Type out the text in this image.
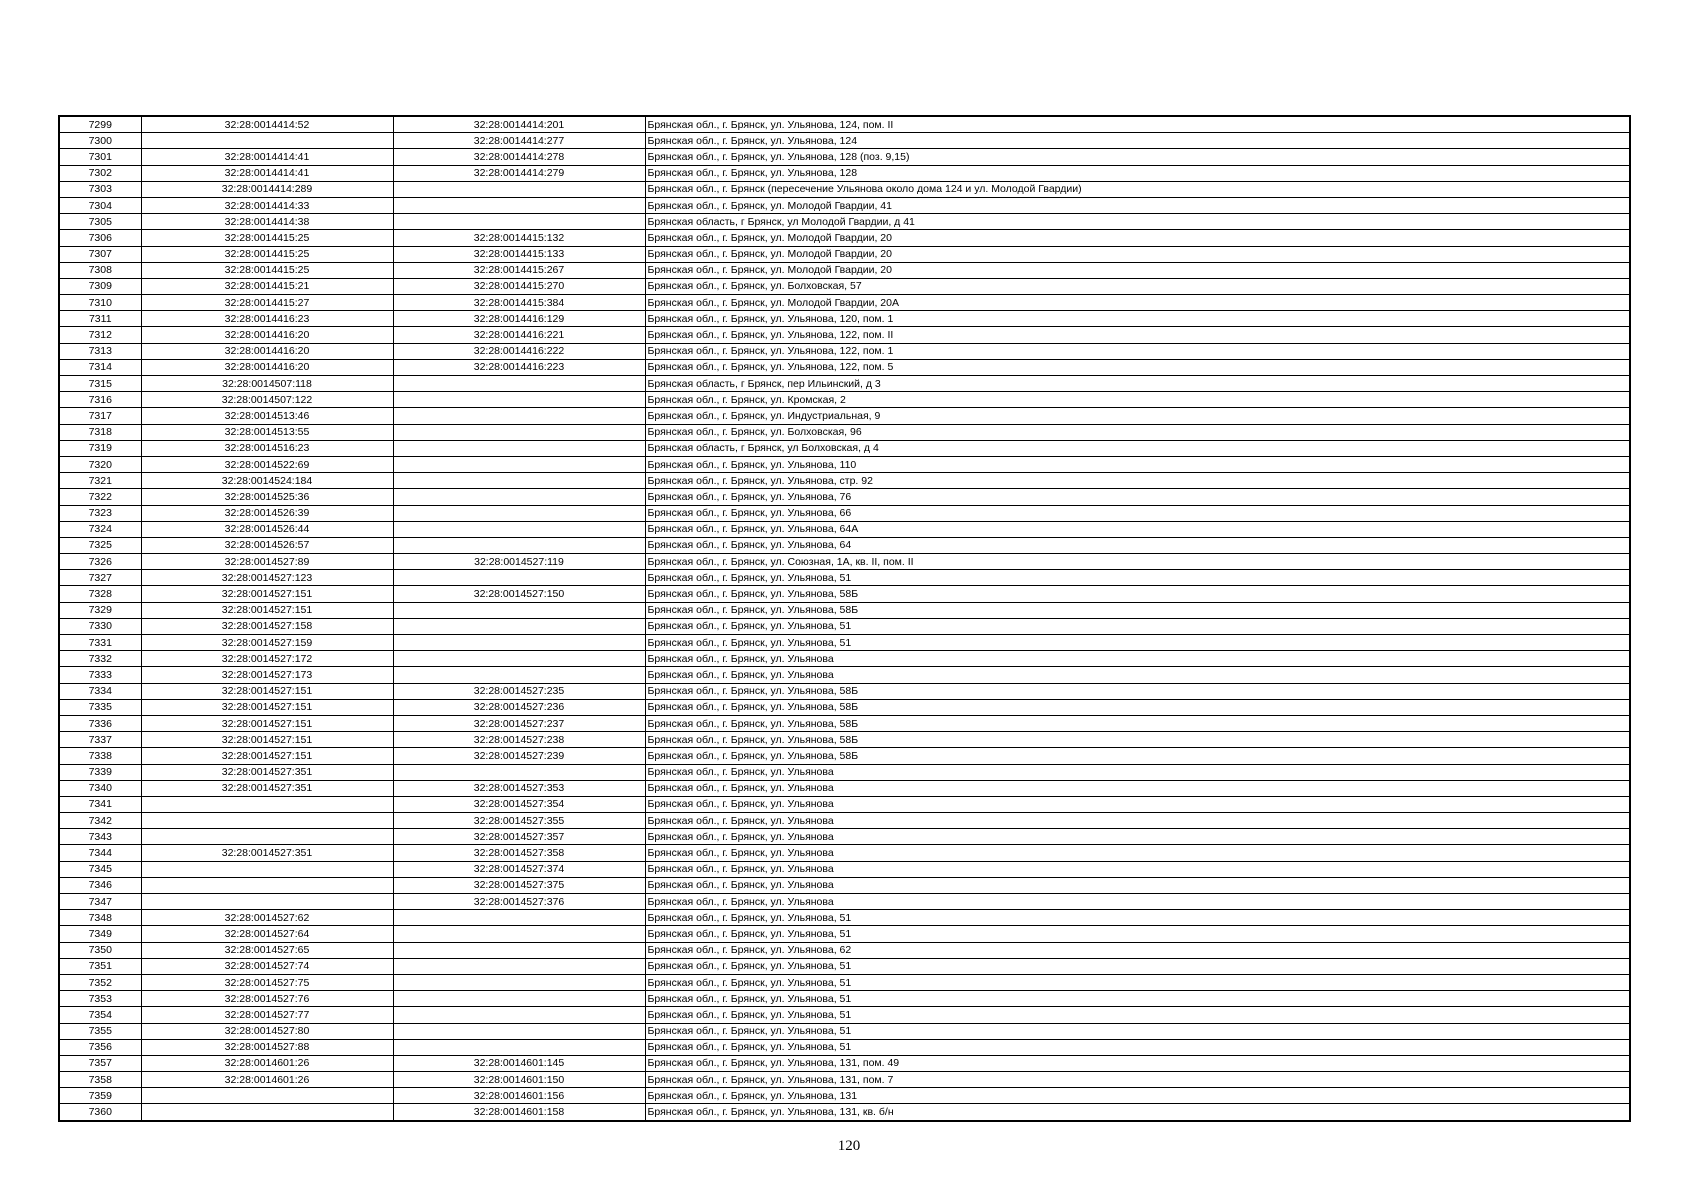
7299	32:28:0014414:52	32:28:0014414:201	Брянская обл., г. Брянск, ул. Ульянова, 124, пом. II
7300		32:28:0014414:277	Брянская обл., г. Брянск, ул. Ульянова, 124
7301	32:28:0014414:41	32:28:0014414:278	Брянская обл., г. Брянск, ул. Ульянова, 128 (поз. 9,15)
7302	32:28:0014414:41	32:28:0014414:279	Брянская обл., г. Брянск, ул. Ульянова, 128
7303	32:28:0014414:289		Брянская обл., г. Брянск (пересечение Ульянова около дома 124 и ул. Молодой Гвардии)
7304	32:28:0014414:33		Брянская обл., г. Брянск, ул. Молодой Гвардии, 41
7305	32:28:0014414:38		Брянская область, г Брянск, ул Молодой Гвардии, д 41
7306	32:28:0014415:25	32:28:0014415:132	Брянская обл., г. Брянск, ул. Молодой Гвардии, 20
7307	32:28:0014415:25	32:28:0014415:133	Брянская обл., г. Брянск, ул. Молодой Гвардии, 20
7308	32:28:0014415:25	32:28:0014415:267	Брянская обл., г. Брянск, ул. Молодой Гвардии, 20
7309	32:28:0014415:21	32:28:0014415:270	Брянская обл., г. Брянск, ул. Болховская, 57
7310	32:28:0014415:27	32:28:0014415:384	Брянская обл., г. Брянск, ул. Молодой Гвардии, 20А
7311	32:28:0014416:23	32:28:0014416:129	Брянская обл., г. Брянск, ул. Ульянова, 120, пом. 1
7312	32:28:0014416:20	32:28:0014416:221	Брянская обл., г. Брянск, ул. Ульянова, 122, пом. II
7313	32:28:0014416:20	32:28:0014416:222	Брянская обл., г. Брянск, ул. Ульянова, 122, пом. 1
7314	32:28:0014416:20	32:28:0014416:223	Брянская обл., г. Брянск, ул. Ульянова, 122, пом. 5
7315	32:28:0014507:118		Брянская область, г Брянск, пер Ильинский, д 3
7316	32:28:0014507:122		Брянская обл., г. Брянск, ул. Кромская, 2
7317	32:28:0014513:46		Брянская обл., г. Брянск, ул. Индустриальная, 9
7318	32:28:0014513:55		Брянская обл., г. Брянск, ул. Болховская, 96
7319	32:28:0014516:23		Брянская область, г Брянск, ул Болховская, д 4
7320	32:28:0014522:69		Брянская обл., г. Брянск, ул. Ульянова, 110
7321	32:28:0014524:184		Брянская обл., г. Брянск, ул. Ульянова, стр. 92
7322	32:28:0014525:36		Брянская обл., г. Брянск, ул. Ульянова, 76
7323	32:28:0014526:39		Брянская обл., г. Брянск, ул. Ульянова, 66
7324	32:28:0014526:44		Брянская обл., г. Брянск, ул. Ульянова, 64А
7325	32:28:0014526:57		Брянская обл., г. Брянск, ул. Ульянова, 64
7326	32:28:0014527:89	32:28:0014527:119	Брянская обл., г. Брянск, ул. Союзная, 1А, кв. II, пом. II
7327	32:28:0014527:123		Брянская обл., г. Брянск, ул. Ульянова, 51
7328	32:28:0014527:151	32:28:0014527:150	Брянская обл., г. Брянск, ул. Ульянова, 58Б
7329	32:28:0014527:151		Брянская обл., г. Брянск, ул. Ульянова, 58Б
7330	32:28:0014527:158		Брянская обл., г. Брянск, ул. Ульянова, 51
7331	32:28:0014527:159		Брянская обл., г. Брянск, ул. Ульянова, 51
7332	32:28:0014527:172		Брянская обл., г. Брянск, ул. Ульянова
7333	32:28:0014527:173		Брянская обл., г. Брянск, ул. Ульянова
7334	32:28:0014527:151	32:28:0014527:235	Брянская обл., г. Брянск, ул. Ульянова, 58Б
7335	32:28:0014527:151	32:28:0014527:236	Брянская обл., г. Брянск, ул. Ульянова, 58Б
7336	32:28:0014527:151	32:28:0014527:237	Брянская обл., г. Брянск, ул. Ульянова, 58Б
7337	32:28:0014527:151	32:28:0014527:238	Брянская обл., г. Брянск, ул. Ульянова, 58Б
7338	32:28:0014527:151	32:28:0014527:239	Брянская обл., г. Брянск, ул. Ульянова, 58Б
7339	32:28:0014527:351		Брянская обл., г. Брянск, ул. Ульянова
7340	32:28:0014527:351	32:28:0014527:353	Брянская обл., г. Брянск, ул. Ульянова
7341		32:28:0014527:354	Брянская обл., г. Брянск, ул. Ульянова
7342		32:28:0014527:355	Брянская обл., г. Брянск, ул. Ульянова
7343		32:28:0014527:357	Брянская обл., г. Брянск, ул. Ульянова
7344	32:28:0014527:351	32:28:0014527:358	Брянская обл., г. Брянск, ул. Ульянова
7345		32:28:0014527:374	Брянская обл., г. Брянск, ул. Ульянова
7346		32:28:0014527:375	Брянская обл., г. Брянск, ул. Ульянова
7347		32:28:0014527:376	Брянская обл., г. Брянск, ул. Ульянова
7348	32:28:0014527:62		Брянская обл., г. Брянск, ул. Ульянова, 51
7349	32:28:0014527:64		Брянская обл., г. Брянск, ул. Ульянова, 51
7350	32:28:0014527:65		Брянская обл., г. Брянск, ул. Ульянова, 62
7351	32:28:0014527:74		Брянская обл., г. Брянск, ул. Ульянова, 51
7352	32:28:0014527:75		Брянская обл., г. Брянск, ул. Ульянова, 51
7353	32:28:0014527:76		Брянская обл., г. Брянск, ул. Ульянова, 51
7354	32:28:0014527:77		Брянская обл., г. Брянск, ул. Ульянова, 51
7355	32:28:0014527:80		Брянская обл., г. Брянск, ул. Ульянова, 51
7356	32:28:0014527:88		Брянская обл., г. Брянск, ул. Ульянова, 51
7357	32:28:0014601:26	32:28:0014601:145	Брянская обл., г. Брянск, ул. Ульянова, 131, пом. 49
7358	32:28:0014601:26	32:28:0014601:150	Брянская обл., г. Брянск, ул. Ульянова, 131, пом. 7
7359		32:28:0014601:156	Брянская обл., г. Брянск, ул. Ульянова, 131
7360		32:28:0014601:158	Брянская обл., г. Брянск, ул. Ульянова, 131, кв. б/н
120
